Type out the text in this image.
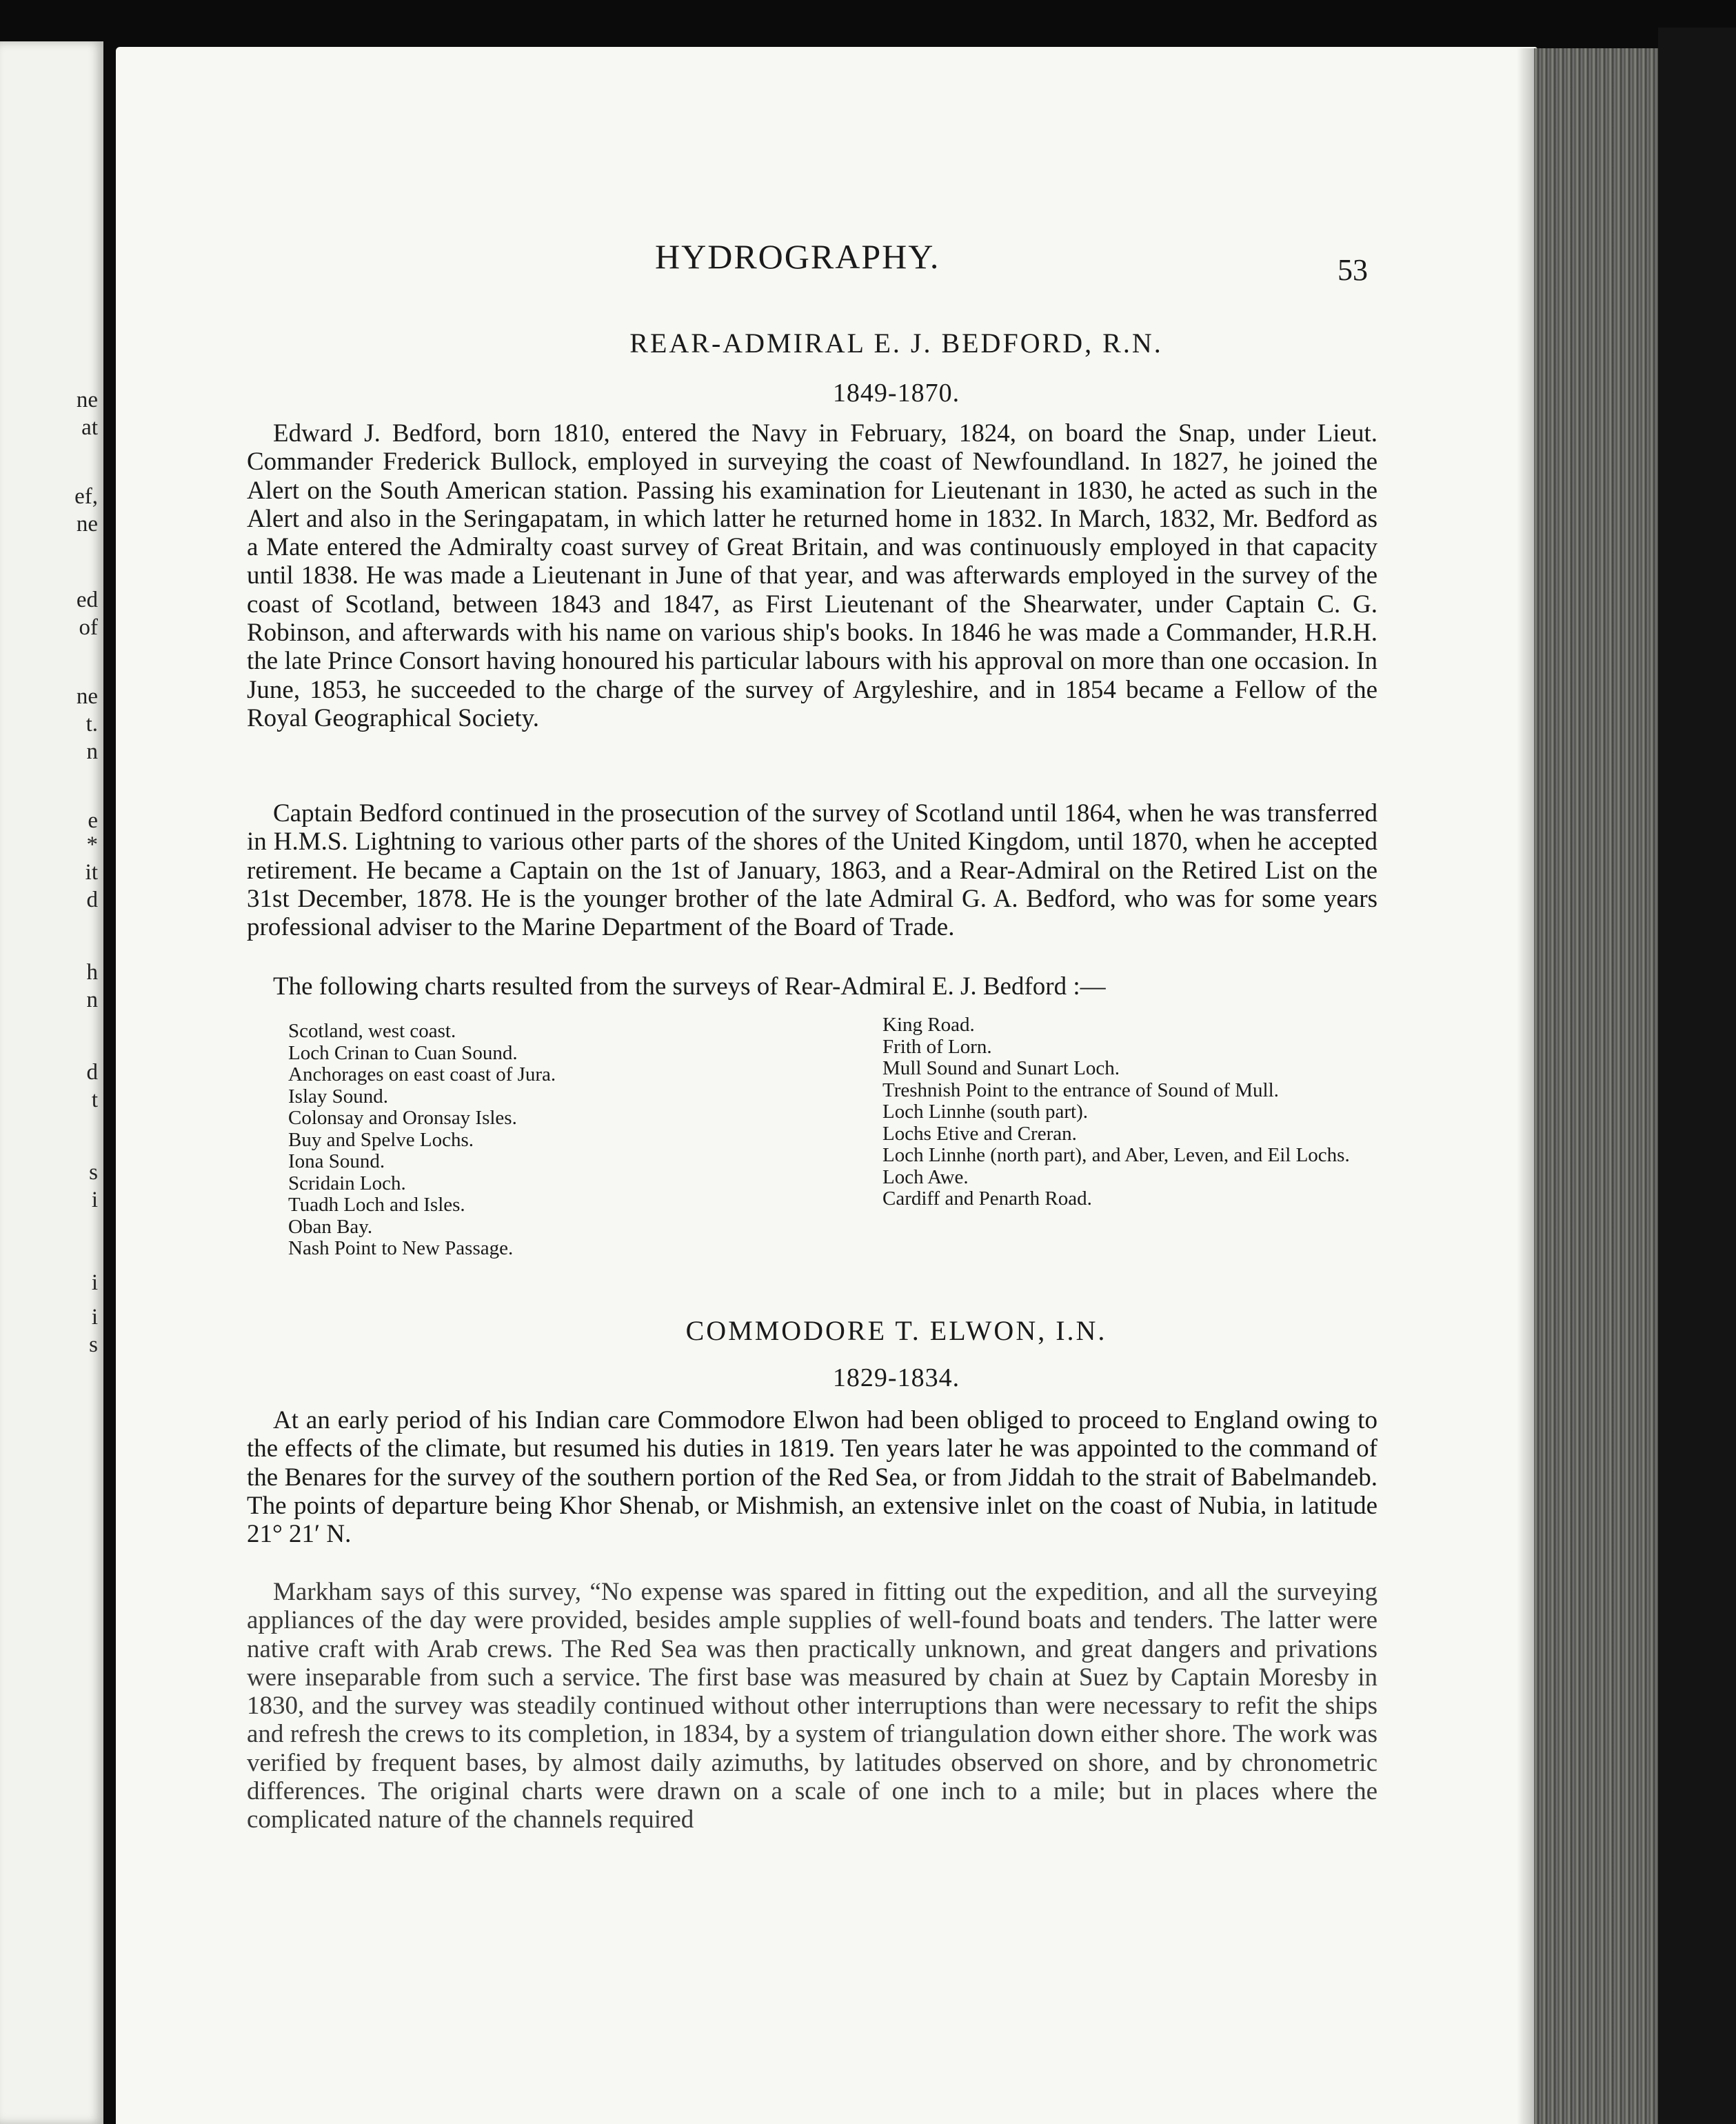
ne
at
ef,
ne
ed
of
ne
t.
n
e
*
it
d
h
n
d
t
s
i
i
i
s
HYDROGRAPHY.	53
REAR-ADMIRAL E. J. BEDFORD, R.N.
1849-1870.

Edward J. Bedford, born 1810, entered the Navy in February, 1824, on board the Snap, under Lieut. Commander Frederick Bullock, employed in surveying the coast of Newfoundland. In 1827, he joined the Alert on the South American station. Passing his examination for Lieutenant in 1830, he acted as such in the Alert and also in the Seringapatam, in which latter he returned home in 1832. In March, 1832, Mr. Bedford as a Mate entered the Admiralty coast survey of Great Britain, and was continuously employed in that capacity until 1838. He was made a Lieutenant in June of that year, and was afterwards employed in the survey of the coast of Scotland, between 1843 and 1847, as First Lieutenant of the Shearwater, under Captain C. G. Robinson, and afterwards with his name on various ship's books. In 1846 he was made a Commander, H.R.H. the late Prince Consort having honoured his particular labours with his approval on more than one occasion. In June, 1853, he succeeded to the charge of the survey of Argyleshire, and in 1854 became a Fellow of the Royal Geographical Society.

Captain Bedford continued in the prosecution of the survey of Scotland until 1864, when he was transferred in H.M.S. Lightning to various other parts of the shores of the United Kingdom, until 1870, when he accepted retirement. He became a Captain on the 1st of January, 1863, and a Rear-Admiral on the Retired List on the 31st December, 1878. He is the younger brother of the late Admiral G. A. Bedford, who was for some years professional adviser to the Marine Department of the Board of Trade.

The following charts resulted from the surveys of Rear-Admiral E. J. Bedford :—

Scotland, west coast.
Loch Crinan to Cuan Sound.
Anchorages on east coast of Jura.
Islay Sound.
Colonsay and Oronsay Isles.
Buy and Spelve Lochs.
Iona Sound.
Scridain Loch.
Tuadh Loch and Isles.
Oban Bay.
Nash Point to New Passage.
King Road.
Frith of Lorn.
Mull Sound and Sunart Loch.
Treshnish Point to the entrance of Sound of Mull.
Loch Linnhe (south part).
Lochs Etive and Creran.
Loch Linnhe (north part), and Aber, Leven, and Eil Lochs.
Loch Awe.
Cardiff and Penarth Road.
COMMODORE T. ELWON, I.N.
1829-1834.

At an early period of his Indian care Commodore Elwon had been obliged to proceed to England owing to the effects of the climate, but resumed his duties in 1819. Ten years later he was appointed to the command of the Benares for the survey of the southern portion of the Red Sea, or from Jiddah to the strait of Babelmandeb. The points of departure being Khor Shenab, or Mishmish, an extensive inlet on the coast of Nubia, in latitude 21° 21′ N.

Markham says of this survey, “No expense was spared in fitting out the expedition, and all the surveying appliances of the day were provided, besides ample supplies of well-found boats and tenders. The latter were native craft with Arab crews. The Red Sea was then practically unknown, and great dangers and privations were inseparable from such a service. The first base was measured by chain at Suez by Captain Moresby in 1830, and the survey was steadily continued without other interruptions than were necessary to refit the ships and refresh the crews to its completion, in 1834, by a system of triangulation down either shore. The work was verified by frequent bases, by almost daily azimuths, by latitudes observed on shore, and by chronometric differences. The original charts were drawn on a scale of one inch to a mile; but in places where the complicated nature of the channels required
